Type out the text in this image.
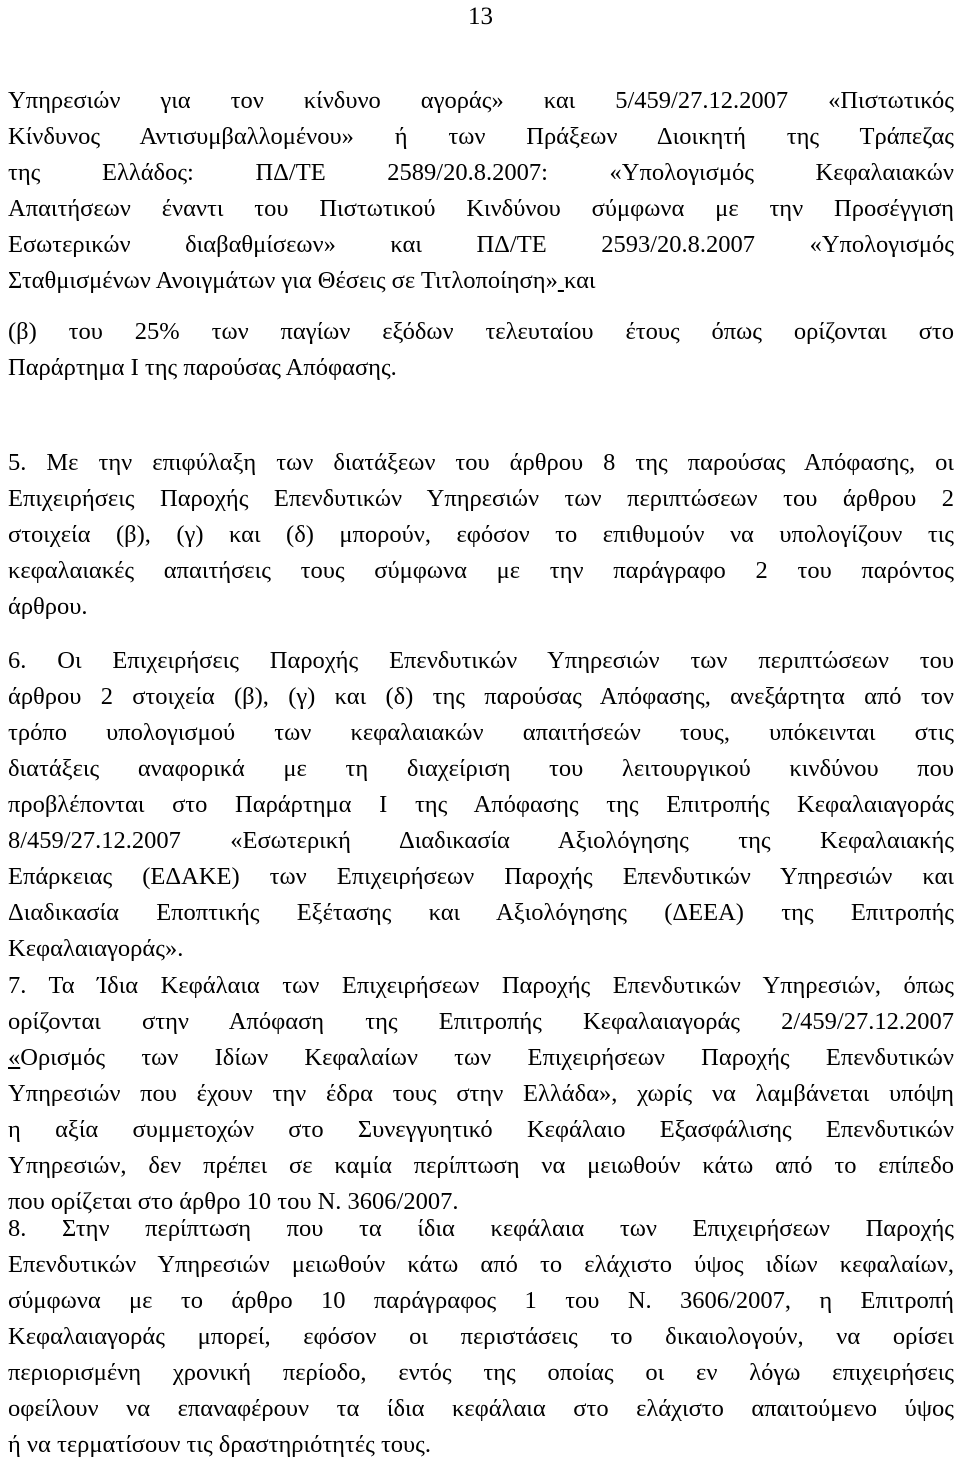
13
Υπηρεσιών για τον κίνδυνο αγοράς» και 5/459/27.12.2007 «Πιστωτικός
Κίνδυνος Αντισυμβαλλομένου» ή των Πράξεων Διοικητή της Τράπεζας
της Ελλάδος: ΠΔ/ΤΕ 2589/20.8.2007: «Υπολογισμός Κεφαλαιακών
Απαιτήσεων έναντι του Πιστωτικού Κινδύνου σύμφωνα με την Προσέγγιση
Εσωτερικών διαβαθμίσεων» και ΠΔ/ΤΕ 2593/20.8.2007 «Υπολογισμός
Σταθμισμένων Ανοιγμάτων για Θέσεις σε Τιτλοποίηση» και
(β) του 25% των παγίων εξόδων τελευταίου έτους όπως ορίζονται στο
Παράρτημα Ι της παρούσας Απόφασης.
5. Με την επιφύλαξη των διατάξεων του άρθρου 8 της παρούσας Απόφασης, οι
Επιχειρήσεις Παροχής Επενδυτικών Υπηρεσιών των περιπτώσεων του άρθρου 2
στοιχεία (β), (γ) και (δ) μπορούν, εφόσον το επιθυμούν να υπολογίζουν τις
κεφαλαιακές απαιτήσεις τους σύμφωνα με την παράγραφο 2 του παρόντος
άρθρου.
6. Οι Επιχειρήσεις Παροχής Επενδυτικών Υπηρεσιών των περιπτώσεων του
άρθρου 2 στοιχεία (β), (γ) και (δ) της παρούσας Απόφασης, ανεξάρτητα από τον
τρόπο υπολογισμού των κεφαλαιακών απαιτήσεών τους, υπόκεινται στις
διατάξεις αναφορικά με τη διαχείριση του λειτουργικού κινδύνου που
προβλέπονται στο Παράρτημα Ι της Απόφασης της Επιτροπής Κεφαλαιαγοράς
8/459/27.12.2007 «Εσωτερική Διαδικασία Αξιολόγησης της Κεφαλαιακής
Επάρκειας (ΕΔΑΚΕ) των Επιχειρήσεων Παροχής Επενδυτικών Υπηρεσιών και
Διαδικασία Εποπτικής Εξέτασης και Αξιολόγησης (ΔΕΕΑ) της Επιτροπής
Κεφαλαιαγοράς».
7. Τα Ίδια Κεφάλαια των Επιχειρήσεων Παροχής Επενδυτικών Υπηρεσιών, όπως
ορίζονται στην Απόφαση της Επιτροπής Κεφαλαιαγοράς 2/459/27.12.2007
«Ορισμός των Ιδίων Κεφαλαίων των Επιχειρήσεων Παροχής Επενδυτικών
Υπηρεσιών που έχουν την έδρα τους στην Ελλάδα», χωρίς να λαμβάνεται υπόψη
η αξία συμμετοχών στο Συνεγγυητικό Κεφάλαιο Εξασφάλισης Επενδυτικών
Υπηρεσιών, δεν πρέπει σε καμία περίπτωση να μειωθούν κάτω από το επίπεδο
που ορίζεται στο άρθρο 10 του Ν. 3606/2007.
8. Στην περίπτωση που τα ίδια κεφάλαια των Επιχειρήσεων Παροχής
Επενδυτικών Υπηρεσιών μειωθούν κάτω από το ελάχιστο ύψος ιδίων κεφαλαίων,
σύμφωνα με το άρθρο 10 παράγραφος 1 του Ν. 3606/2007, η Επιτροπή
Κεφαλαιαγοράς μπορεί, εφόσον οι περιστάσεις το δικαιολογούν, να ορίσει
περιορισμένη χρονική περίοδο, εντός της οποίας οι εν λόγω επιχειρήσεις
οφείλουν να επαναφέρουν τα ίδια κεφάλαια στο ελάχιστο απαιτούμενο ύψος
ή να τερματίσουν τις δραστηριότητές τους.
